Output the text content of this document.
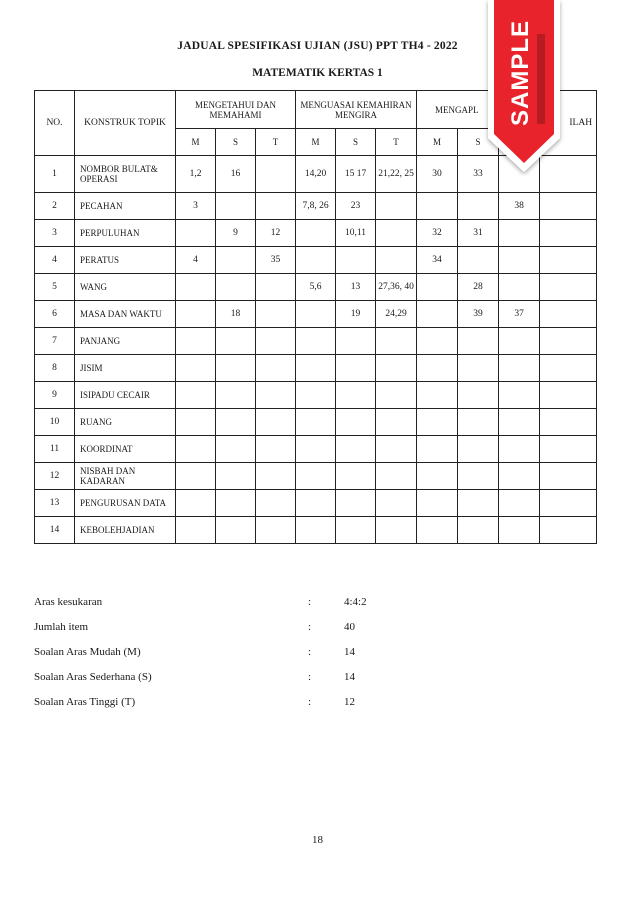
JADUAL SPESIFIKASI UJIAN (JSU) PPT TH4 - 2022
MATEMATIK KERTAS 1
NO.	KONSTRUK TOPIK	MENGETAHUI DAN MEMAHAMI			MENGUASAI KEMAHIRAN MENGIRA			MENGAPL			ILAH
		M	S	T	M	S	T	M	S		
1	NOMBOR BULAT& OPERASI	1,2	16		14,20	15 17	21,22, 25	30	33		
2	PECAHAN	3			7,8, 26	23				38	
3	PERPULUHAN		9	12		10,11		32	31		
4	PERATUS	4		35				34			
5	WANG				5,6	13	27,36, 40		28		
6	MASA DAN WAKTU		18			19	24,29		39	37	
7	PANJANG										
8	JISIM										
9	ISIPADU CECAIR										
10	RUANG										
11	KOORDINAT										
12	NISBAH DAN KADARAN										
13	PENGURUSAN DATA										
14	KEBOLEHJADIAN										
Aras kesukaran	:	4:4:2
Jumlah item	:	40
Soalan Aras Mudah (M)	:	14
Soalan Aras Sederhana (S)	:	14
Soalan Aras Tinggi (T)	:	12
18
SAMPLE
